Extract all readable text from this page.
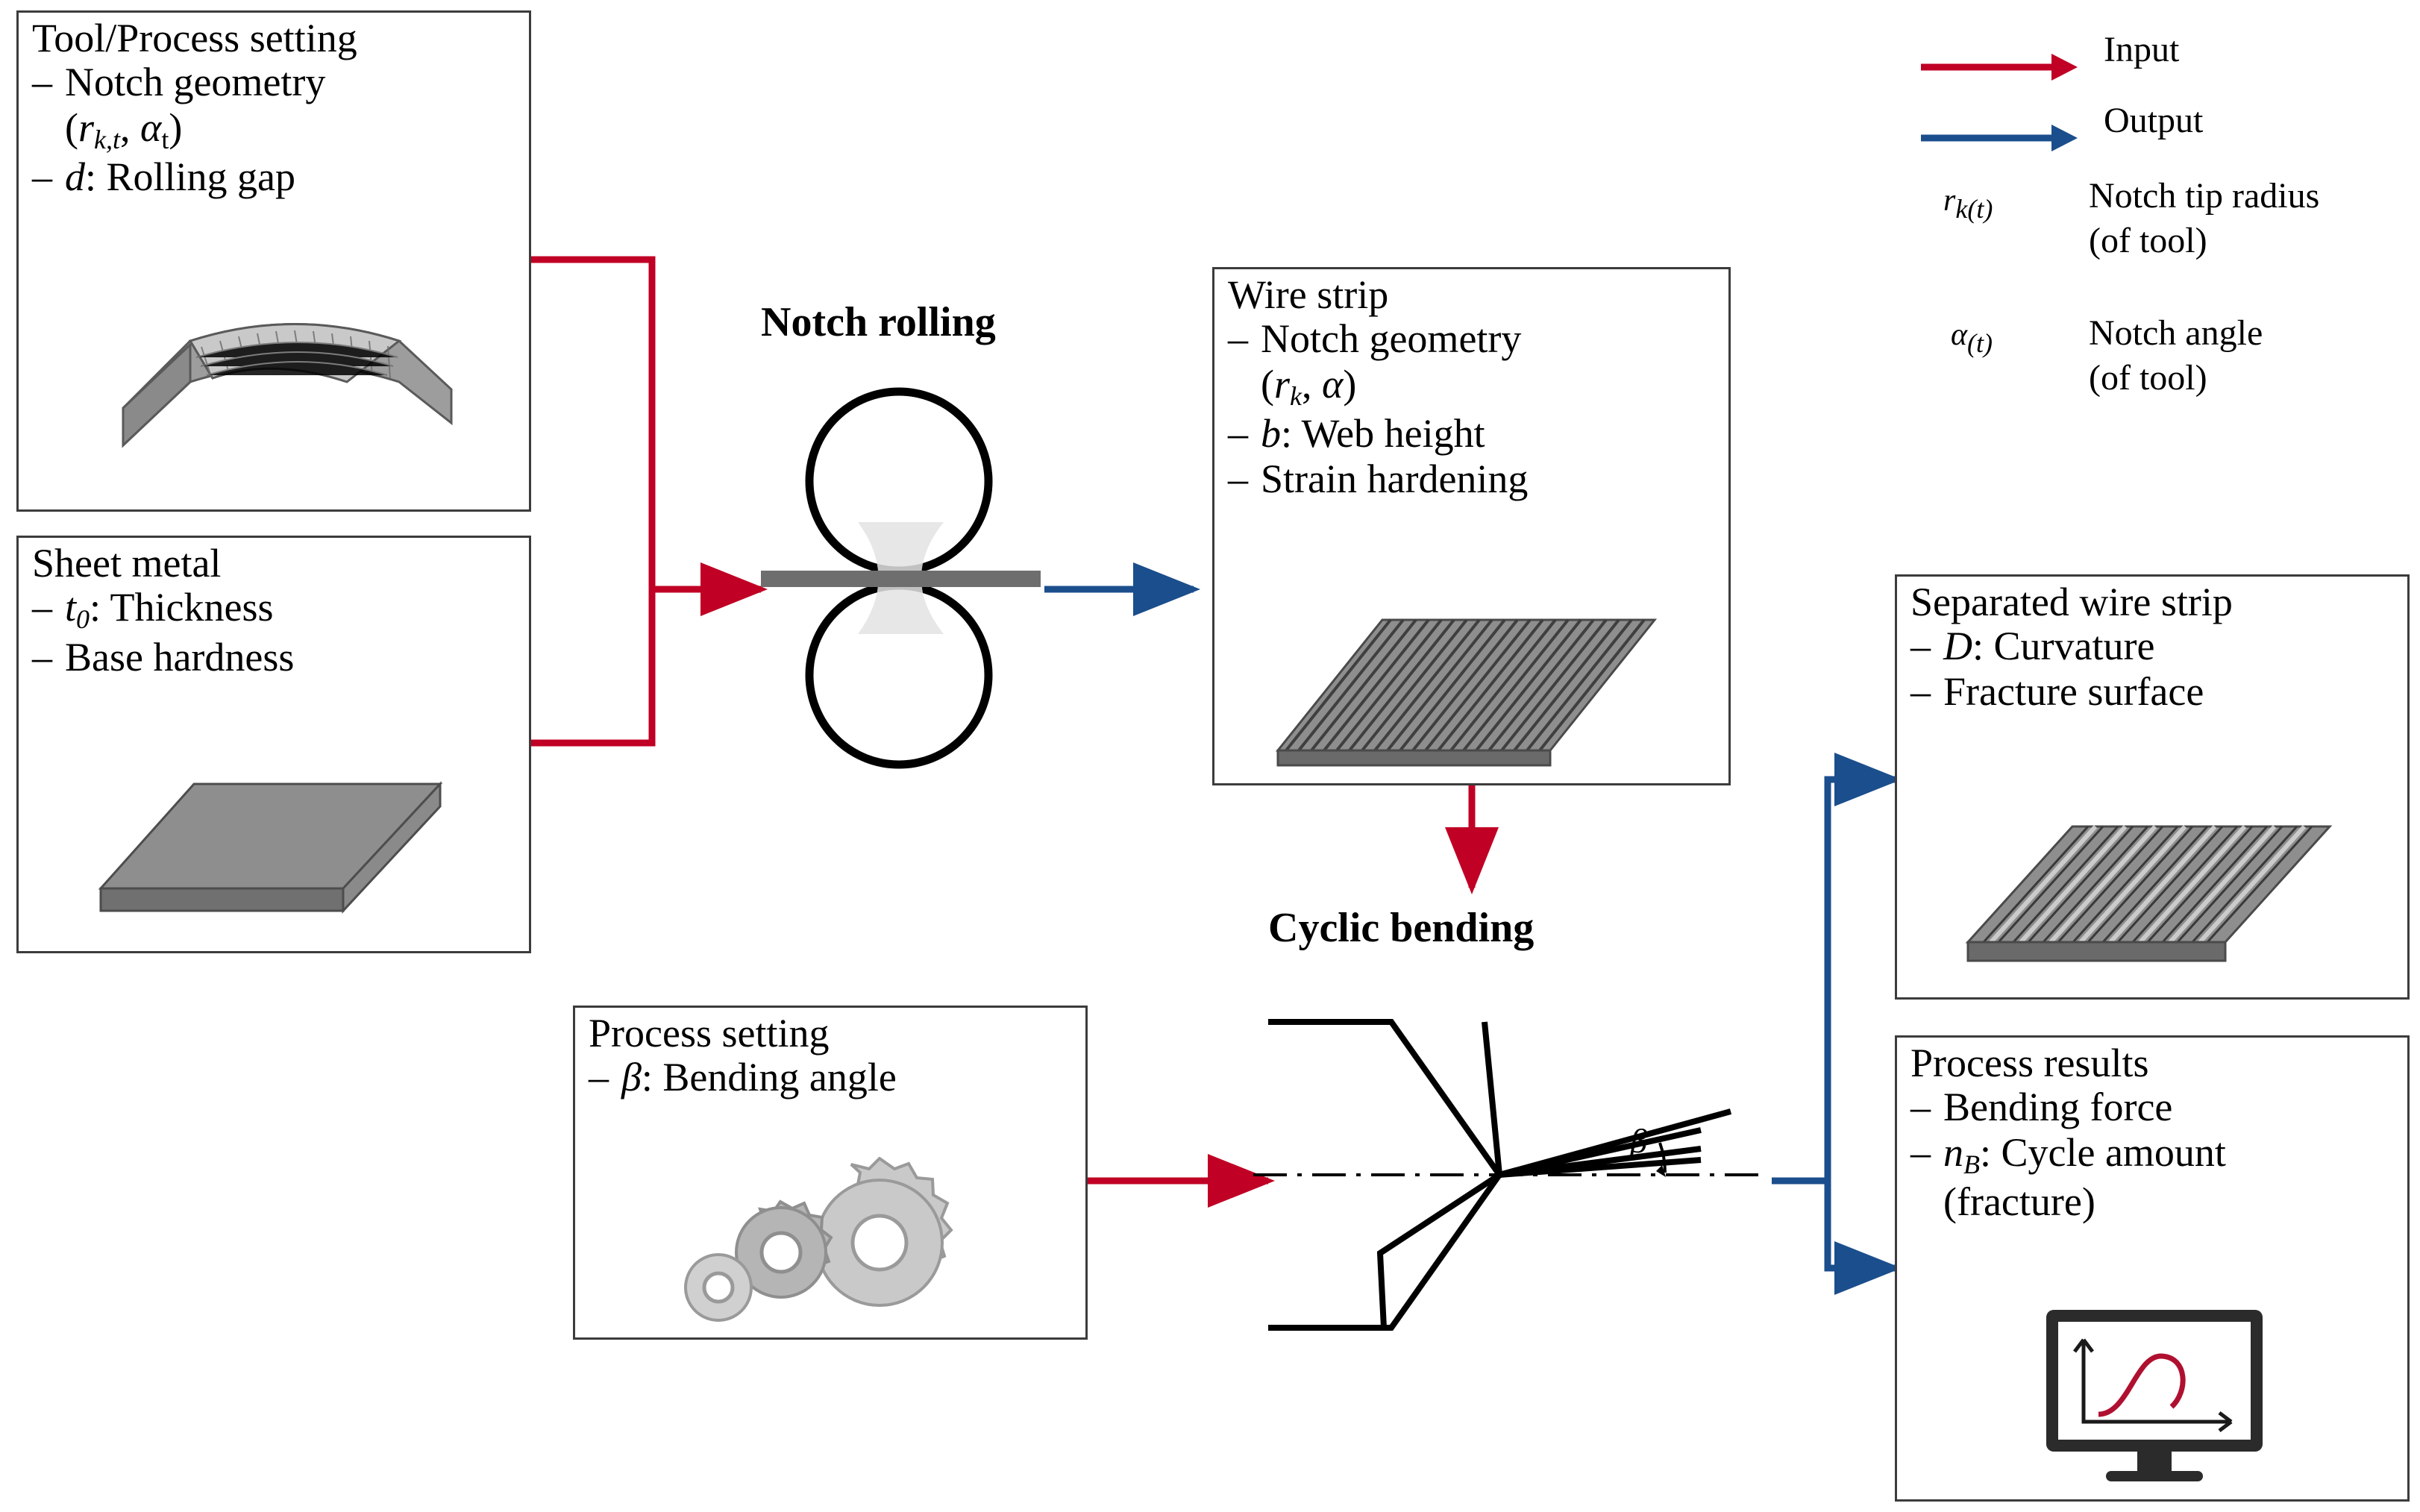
Input
Output
rk(t)	Notch tip radius
(of tool)
α(t)	Notch angle
(of tool)
Tool/Process setting
– Notch geometry
($r_{k,t}$, $\alpha_t$)
– d: Rolling gap
Sheet metal
– $t_0$: Thickness
– Base hardness
Notch rolling
Wire strip
– Notch geometry
($r_k$, α)
– b: Web height
– Strain hardening
Cyclic bending
β
Process setting
– β: Bending angle
Separated wire strip
– D: Curvature
– Fracture surface
Process results
– Bending force
– $n_B$: Cycle amount
(fracture)
